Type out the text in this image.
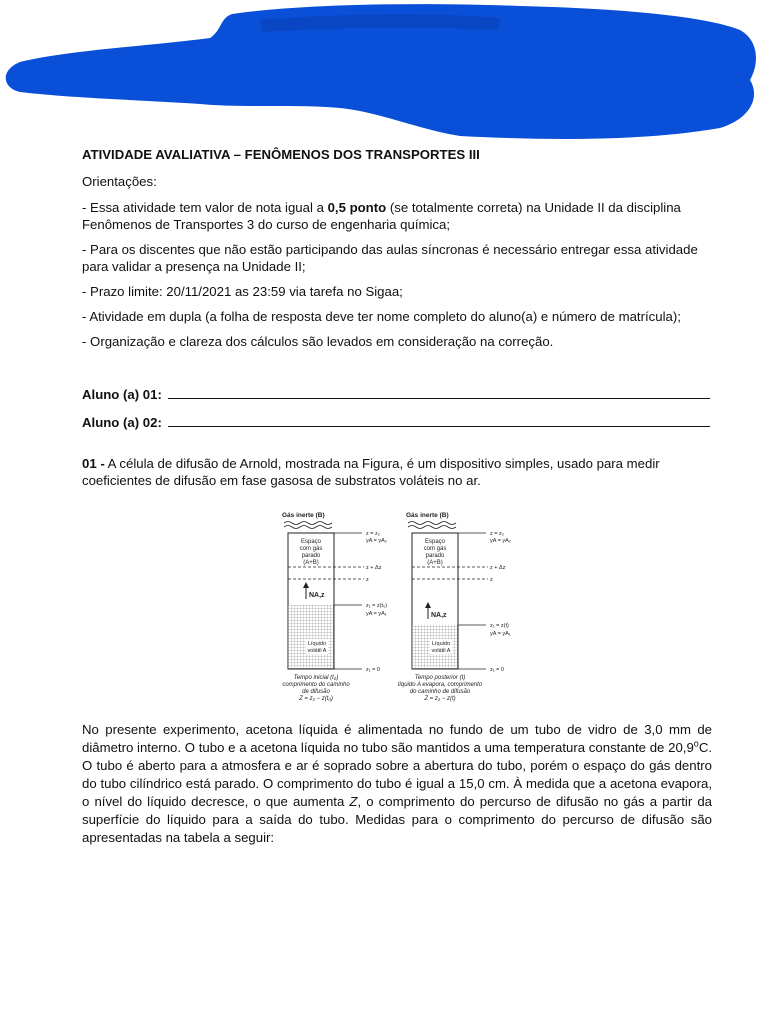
ATIVIDADE AVALIATIVA – FENÔMENOS DOS TRANSPORTES III
Orientações:
- Essa atividade tem valor de nota igual a 0,5 ponto (se totalmente correta) na Unidade II da disciplina Fenômenos de Transportes 3 do curso de engenharia química;
- Para os discentes que não estão participando das aulas síncronas é necessário entregar essa atividade para validar a presença na Unidade II;
- Prazo limite: 20/11/2021 as 23:59 via tarefa no Sigaa;
- Atividade em dupla (a folha de resposta deve ter nome completo do aluno(a) e número de matrícula);
- Organização e clareza dos cálculos são levados em consideração na correção.
Aluno (a) 01:
Aluno (a) 02:
01 - A célula de difusão de Arnold, mostrada na Figura, é um dispositivo simples, usado para medir coeficientes de difusão em fase gasosa de substratos voláteis no ar.
Gás inerte (B)
Líquido
volátil A
Espaço
com gás
parado
(A+B)
NA,z
z = z₂
yA = yA₂
z + Δz
z
z₁ = z(t₀)
yA = yA₁
z₁ = 0
Tempo inicial (t₀)
comprimento do caminho
de difusão
Z = z₂ − z(t₀)
Gás inerte (B)
Líquido
volátil A
Espaço
com gás
parado
(A+B)
NA,z
z = z₂
yA = yA₂
z + Δz
z
z₁ = z(t)
yA = yA₁
z₁ = 0
Tempo posterior (t)
líquido A evapora, comprimento
do caminho de difusão
Z = z₂ − z(t)
No presente experimento, acetona líquida é alimentada no fundo de um tubo de vidro de 3,0 mm de diâmetro interno. O tubo e a acetona líquida no tubo são mantidos a uma temperatura constante de 20,9$^o$C. O tubo é aberto para a atmosfera e ar é soprado sobre a abertura do tubo, porém o espaço do gás dentro do tubo cilíndrico está parado. O comprimento do tubo é igual a 15,0 cm. À medida que a acetona evapora, o nível do líquido decresce, o que aumenta Z, o comprimento do percurso de difusão no gás a partir da superfície do líquido para a saída do tubo. Medidas para o comprimento do percurso de difusão são apresentadas na tabela a seguir:
